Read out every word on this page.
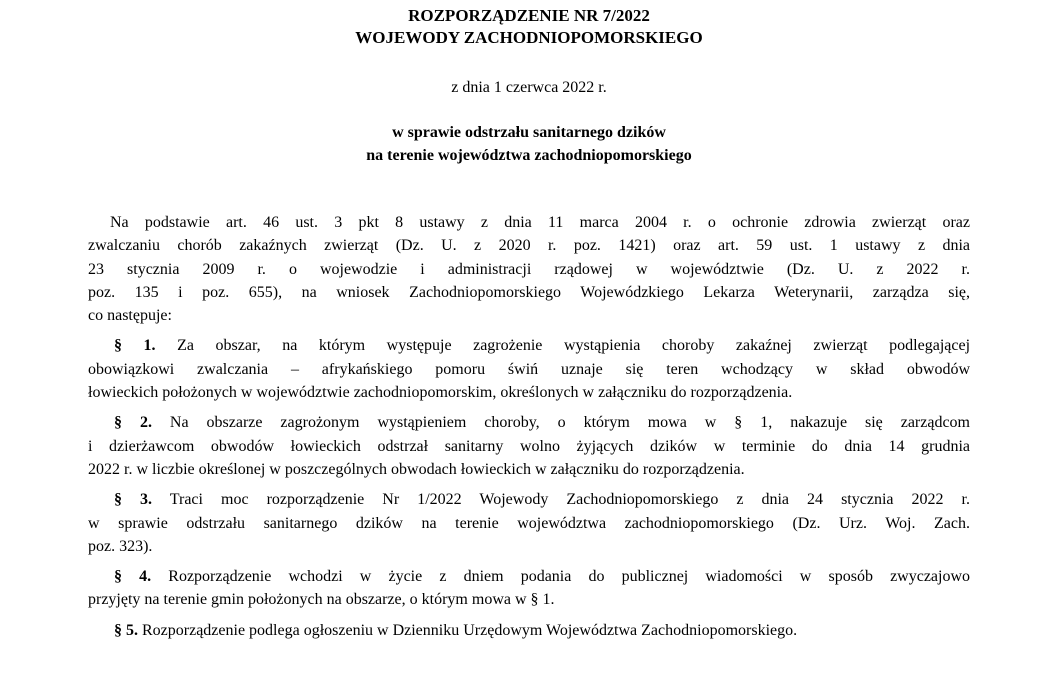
ROZPORZĄDZENIE NR 7/2022
WOJEWODY ZACHODNIOPOMORSKIEGO
z dnia 1 czerwca 2022 r.
w sprawie odstrzału sanitarnego dzików
na terenie województwa zachodniopomorskiego

Na podstawie art. 46 ust. 3 pkt 8 ustawy z dnia 11 marca 2004 r. o ochronie zdrowia zwierząt oraz

zwalczaniu chorób zakaźnych zwierząt (Dz. U. z 2020 r. poz. 1421) oraz art. 59 ust. 1 ustawy z dnia

23 stycznia 2009 r. o wojewodzie i administracji rządowej w województwie (Dz. U. z 2022 r.

poz. 135 i poz. 655), na wniosek Zachodniopomorskiego Wojewódzkiego Lekarza Weterynarii, zarządza się,

co następuje:

§ 1. Za obszar, na którym występuje zagrożenie wystąpienia choroby zakaźnej zwierząt podlegającej

obowiązkowi zwalczania – afrykańskiego pomoru świń uznaje się teren wchodzący w skład obwodów

łowieckich położonych w województwie zachodniopomorskim, określonych w załączniku do rozporządzenia.

§ 2. Na obszarze zagrożonym wystąpieniem choroby, o którym mowa w § 1, nakazuje się zarządcom

i dzierżawcom obwodów łowieckich odstrzał sanitarny wolno żyjących dzików w terminie do dnia 14 grudnia

2022 r. w liczbie określonej w poszczególnych obwodach łowieckich w załączniku do rozporządzenia.

§ 3. Traci moc rozporządzenie Nr 1/2022 Wojewody Zachodniopomorskiego z dnia 24 stycznia 2022 r.

w sprawie odstrzału sanitarnego dzików na terenie województwa zachodniopomorskiego (Dz. Urz. Woj. Zach.

poz. 323).

§ 4. Rozporządzenie wchodzi w życie z dniem podania do publicznej wiadomości w sposób zwyczajowo

przyjęty na terenie gmin położonych na obszarze, o którym mowa w § 1.

§ 5. Rozporządzenie podlega ogłoszeniu w Dzienniku Urzędowym Województwa Zachodniopomorskiego.
